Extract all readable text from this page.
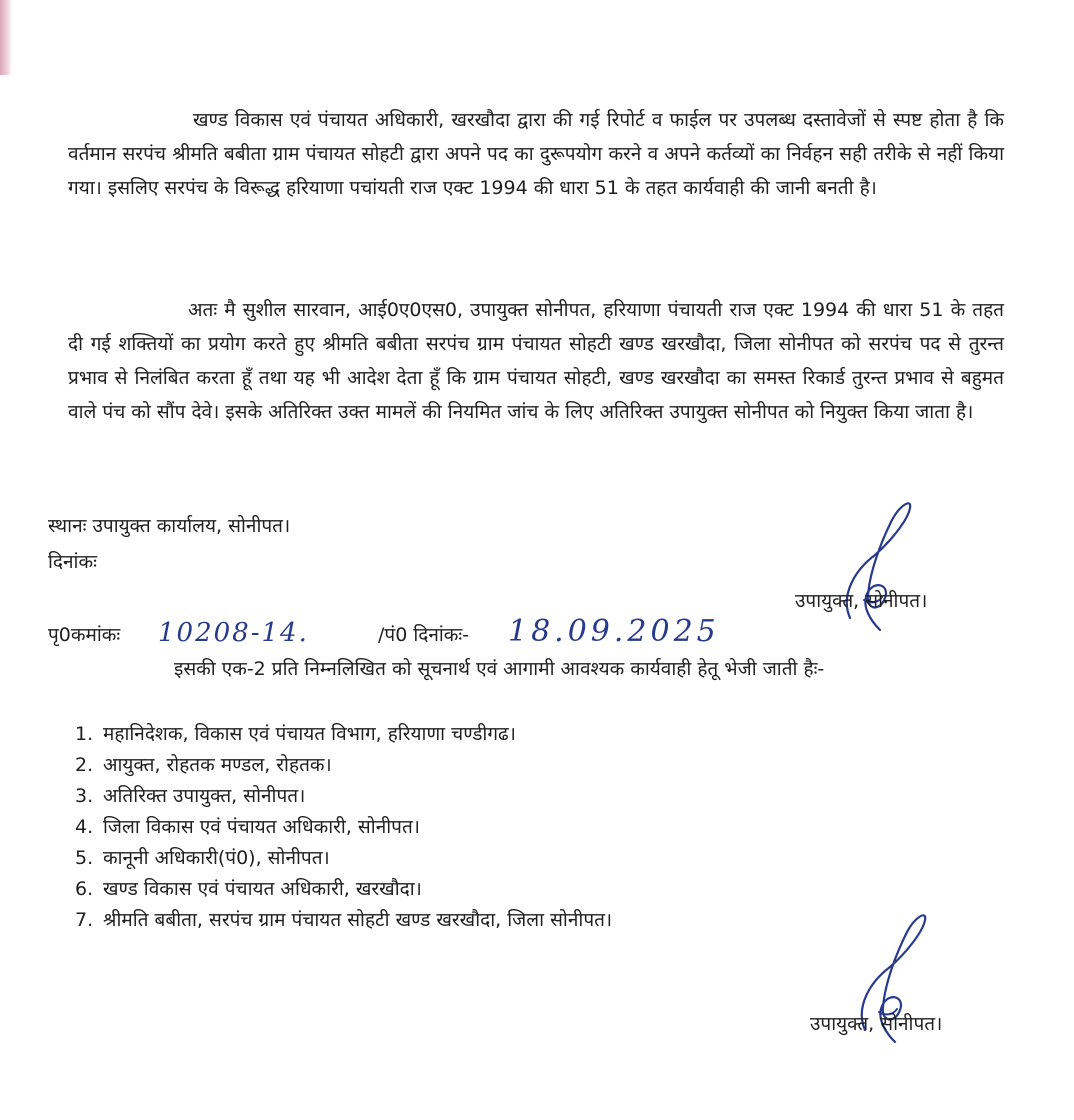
खण्ड विकास एवं पंचायत अधिकारी, खरखौदा द्वारा की गई रिपोर्ट व फाईल पर उपलब्ध दस्तावेजों से स्पष्ट होता है कि वर्तमान सरपंच श्रीमति बबीता ग्राम पंचायत सोहटी द्वारा अपने पद का दुरूपयोग करने व अपने कर्तव्यों का निर्वहन सही तरीके से नहीं किया गया। इसलिए सरपंच के विरूद्ध हरियाणा पचांयती राज एक्ट 1994 की धारा 51 के तहत कार्यवाही की जानी बनती है।

अतः मै सुशील सारवान, आई0ए0एस0, उपायुक्त सोनीपत, हरियाणा पंचायती राज एक्ट 1994 की धारा 51 के तहत दी गई शक्तियों का प्रयोग करते हुए श्रीमति बबीता सरपंच ग्राम पंचायत सोहटी खण्ड खरखौदा, जिला सोनीपत को सरपंच पद से तुरन्त प्रभाव से निलंबित करता हूँ तथा यह भी आदेश देता हूँ कि ग्राम पंचायत सोहटी, खण्ड खरखौदा का समस्त रिकार्ड तुरन्त प्रभाव से बहुमत वाले पंच को सौंप देवे। इसके अतिरिक्त उक्त मामलें की नियमित जांच के लिए अतिरिक्त उपायुक्त सोनीपत को नियुक्त किया जाता है।

स्थानः उपायुक्त कार्यालय, सोनीपत।
दिनांकः
उपायुक्त, सोनीपत।
पृ0कमांकः 10208-14.	/पं0 दिनांकः- 18.09.2025

इसकी एक-2 प्रति निम्नलिखित को सूचनार्थ एवं आगामी आवश्यक कार्यवाही हेतू भेजी जाती हैः-

1. महानिदेशक, विकास एवं पंचायत विभाग, हरियाणा चण्डीगढ।
2. आयुक्त, रोहतक मण्डल, रोहतक।
3. अतिरिक्त उपायुक्त, सोनीपत।
4. जिला विकास एवं पंचायत अधिकारी, सोनीपत।
5. कानूनी अधिकारी(पं0), सोनीपत।
6. खण्ड विकास एवं पंचायत अधिकारी, खरखौदा।
7. श्रीमति बबीता, सरपंच ग्राम पंचायत सोहटी खण्ड खरखौदा, जिला सोनीपत।
उपायुक्त, सोनीपत।
